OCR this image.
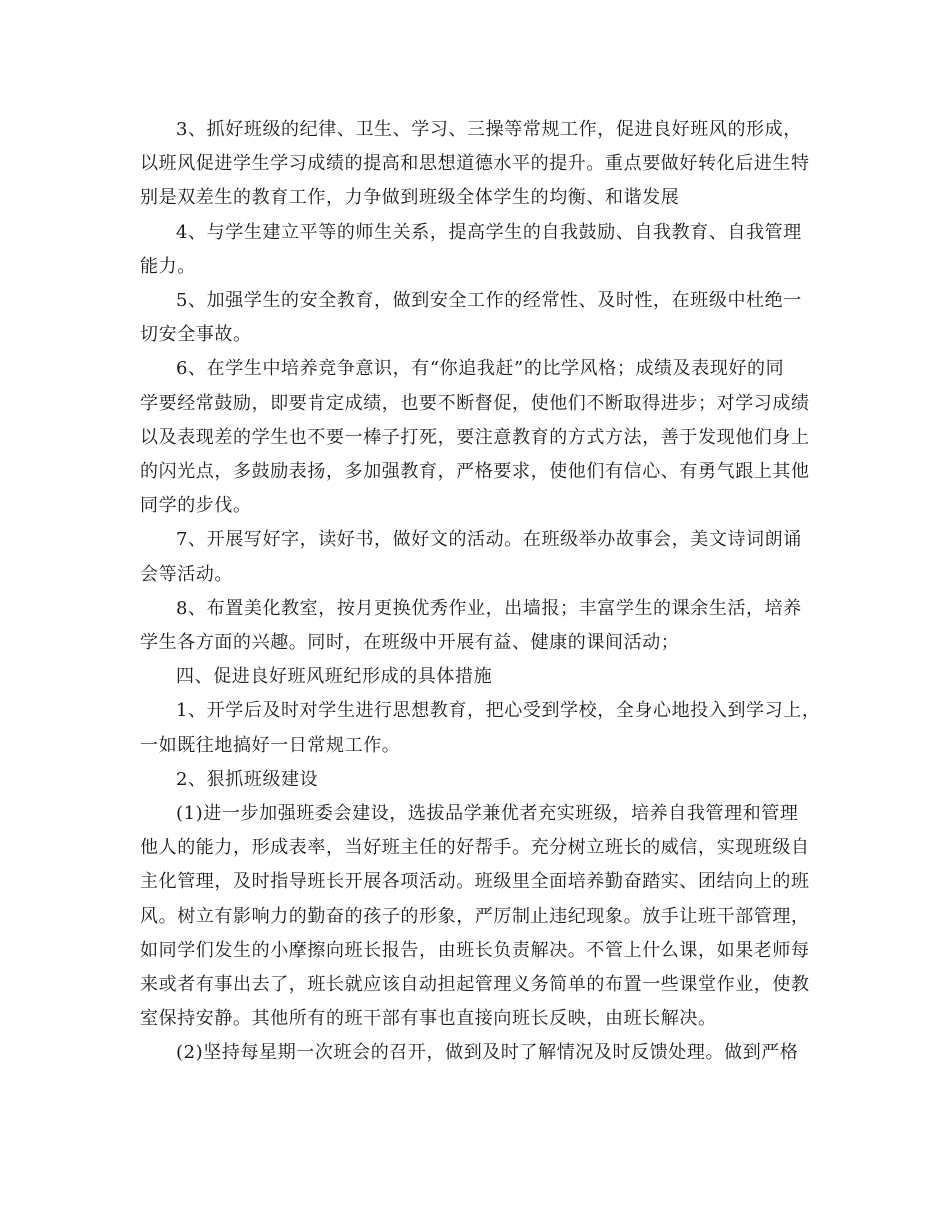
3、抓好班级的纪律、卫生、学习、三操等常规工作，促进良好班风的形成，
以班风促进学生学习成绩的提高和思想道德水平的提升。重点要做好转化后进生特
别是双差生的教育工作，力争做到班级全体学生的均衡、和谐发展
4、与学生建立平等的师生关系，提高学生的自我鼓励、自我教育、自我管理
能力。
5、加强学生的安全教育，做到安全工作的经常性、及时性，在班级中杜绝一
切安全事故。
6、在学生中培养竞争意识，有“你追我赶”的比学风格；成绩及表现好的同
学要经常鼓励，即要肯定成绩，也要不断督促，使他们不断取得进步；对学习成绩
以及表现差的学生也不要一棒子打死，要注意教育的方式方法，善于发现他们身上
的闪光点，多鼓励表扬，多加强教育，严格要求，使他们有信心、有勇气跟上其他
同学的步伐。
7、开展写好字，读好书，做好文的活动。在班级举办故事会，美文诗词朗诵
会等活动。
8、布置美化教室，按月更换优秀作业，出墙报；丰富学生的课余生活，培养
学生各方面的兴趣。同时，在班级中开展有益、健康的课间活动；
四、促进良好班风班纪形成的具体措施
1、开学后及时对学生进行思想教育，把心受到学校，全身心地投入到学习上，
一如既往地搞好一日常规工作。
2、狠抓班级建设
(1)进一步加强班委会建设，选拔品学兼优者充实班级，培养自我管理和管理
他人的能力，形成表率，当好班主任的好帮手。充分树立班长的威信，实现班级自
主化管理，及时指导班长开展各项活动。班级里全面培养勤奋踏实、团结向上的班
风。树立有影响力的勤奋的孩子的形象，严厉制止违纪现象。放手让班干部管理，
如同学们发生的小摩擦向班长报告，由班长负责解决。不管上什么课，如果老师每
来或者有事出去了，班长就应该自动担起管理义务简单的布置一些课堂作业，使教
室保持安静。其他所有的班干部有事也直接向班长反映，由班长解决。
(2)坚持每星期一次班会的召开，做到及时了解情况及时反馈处理。做到严格
